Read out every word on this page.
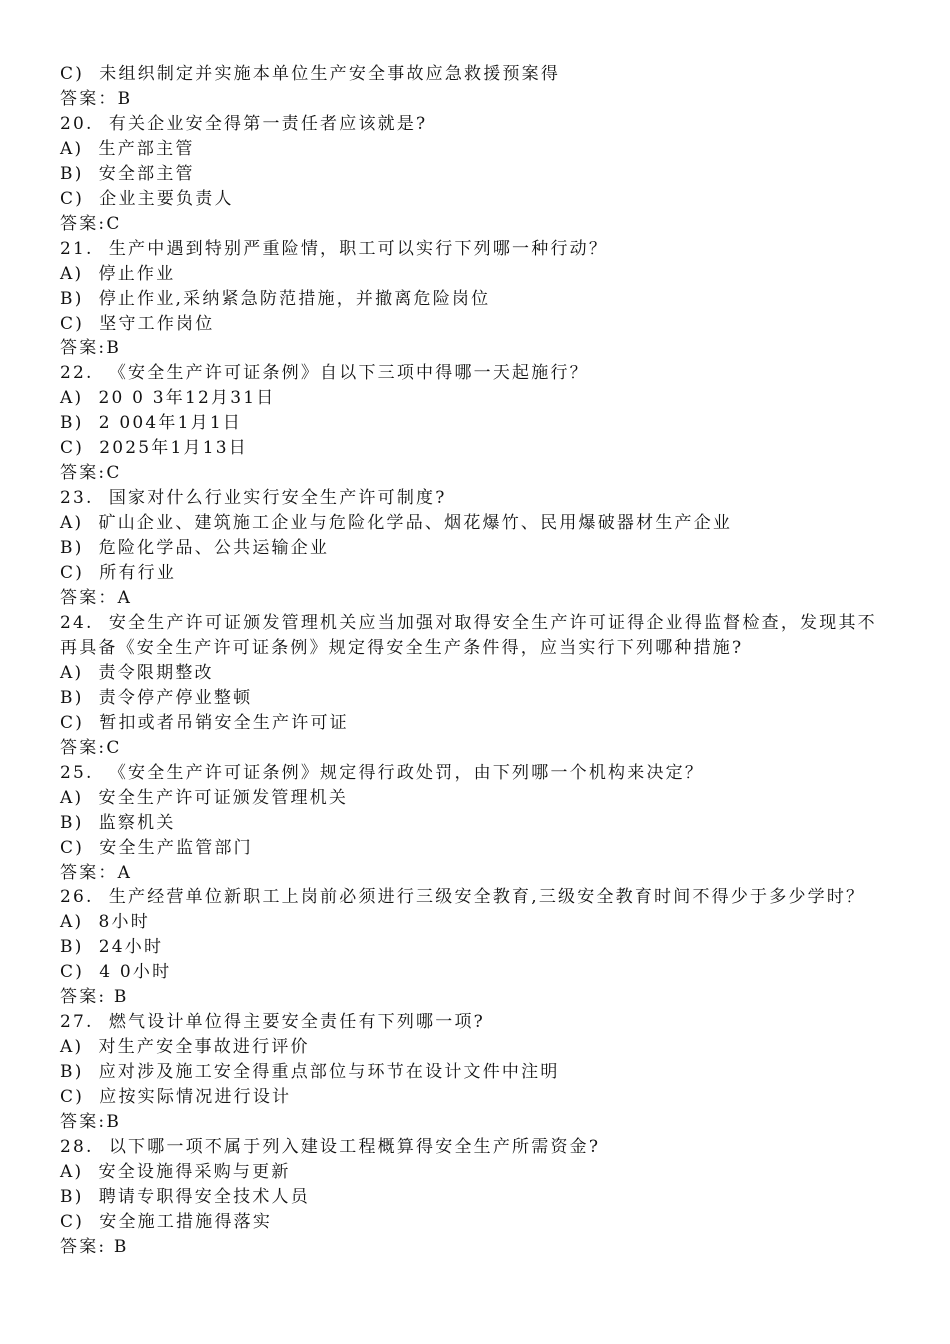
C)  未组织制定并实施本单位生产安全事故应急救援预案得
答案：B
20.  有关企业安全得第一责任者应该就是?
A)  生产部主管
B)  安全部主管
C)  企业主要负责人
答案:C
21.  生产中遇到特别严重险情，职工可以实行下列哪一种行动？
A)  停止作业
B)  停止作业,采纳紧急防范措施，并撤离危险岗位
C)  坚守工作岗位
答案:B
22.  《安全生产许可证条例》自以下三项中得哪一天起施行？
A)  20 0 3年12月31日
B)  2 004年1月1日
C)  2025年1月13日
答案:C
23.  国家对什么行业实行安全生产许可制度?
A)  矿山企业、建筑施工企业与危险化学品、烟花爆竹、民用爆破器材生产企业
B)  危险化学品、公共运输企业
C)  所有行业
答案：A
24.  安全生产许可证颁发管理机关应当加强对取得安全生产许可证得企业得监督检查，发现其不再具备《安全生产许可证条例》规定得安全生产条件得，应当实行下列哪种措施?
A)  责令限期整改
B)  责令停产停业整顿
C)  暂扣或者吊销安全生产许可证
答案:C
25.  《安全生产许可证条例》规定得行政处罚，由下列哪一个机构来决定？
A)  安全生产许可证颁发管理机关
B)  监察机关
C)  安全生产监管部门
答案：A
26.  生产经营单位新职工上岗前必须进行三级安全教育,三级安全教育时间不得少于多少学时？
A)  8小时
B)  24小时
C)  4 0小时
答案: B
27.  燃气设计单位得主要安全责任有下列哪一项?
A)  对生产安全事故进行评价
B)  应对涉及施工安全得重点部位与环节在设计文件中注明
C)  应按实际情况进行设计
答案:B
28.  以下哪一项不属于列入建设工程概算得安全生产所需资金?
A)  安全设施得采购与更新
B)  聘请专职得安全技术人员
C)  安全施工措施得落实
答案: B
